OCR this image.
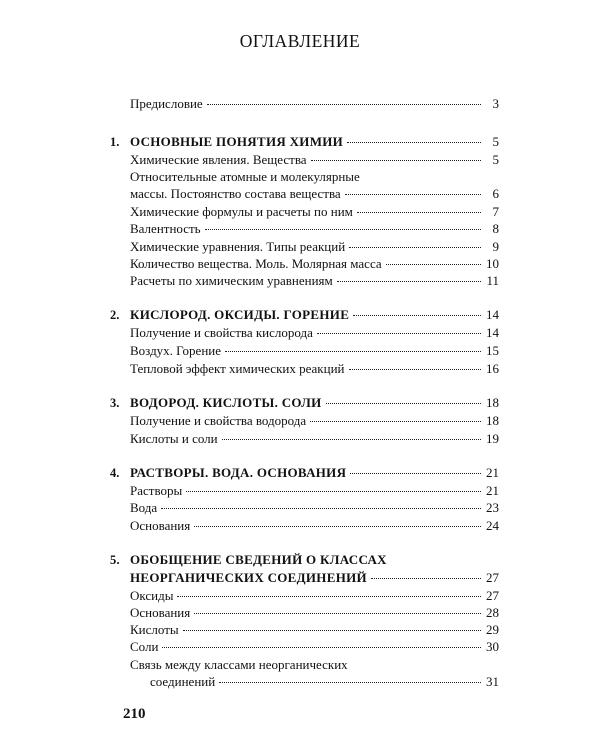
ОГЛАВЛЕНИЕ
Предисловие	3
1. ОСНОВНЫЕ ПОНЯТИЯ ХИМИИ	5
Химические явления. Вещества	5
Относительные атомные и молекулярные
массы. Постоянство состава вещества	6
Химические формулы и расчеты по ним	7
Валентность	8
Химические уравнения. Типы реакций	9
Количество вещества. Моль. Молярная масса	10
Расчеты по химическим уравнениям	11
2. КИСЛОРОД. ОКСИДЫ. ГОРЕНИЕ	14
Получение и свойства кислорода	14
Воздух. Горение	15
Тепловой эффект химических реакций	16
3. ВОДОРОД. КИСЛОТЫ. СОЛИ	18
Получение и свойства водорода	18
Кислоты и соли	19
4. РАСТВОРЫ. ВОДА. ОСНОВАНИЯ	21
Растворы	21
Вода	23
Основания	24
5. ОБОБЩЕНИЕ СВЕДЕНИЙ О КЛАССАХ
НЕОРГАНИЧЕСКИХ СОЕДИНЕНИЙ	27
Оксиды	27
Основания	28
Кислоты	29
Соли	30
Связь между классами неорганических
соединений	31
210
